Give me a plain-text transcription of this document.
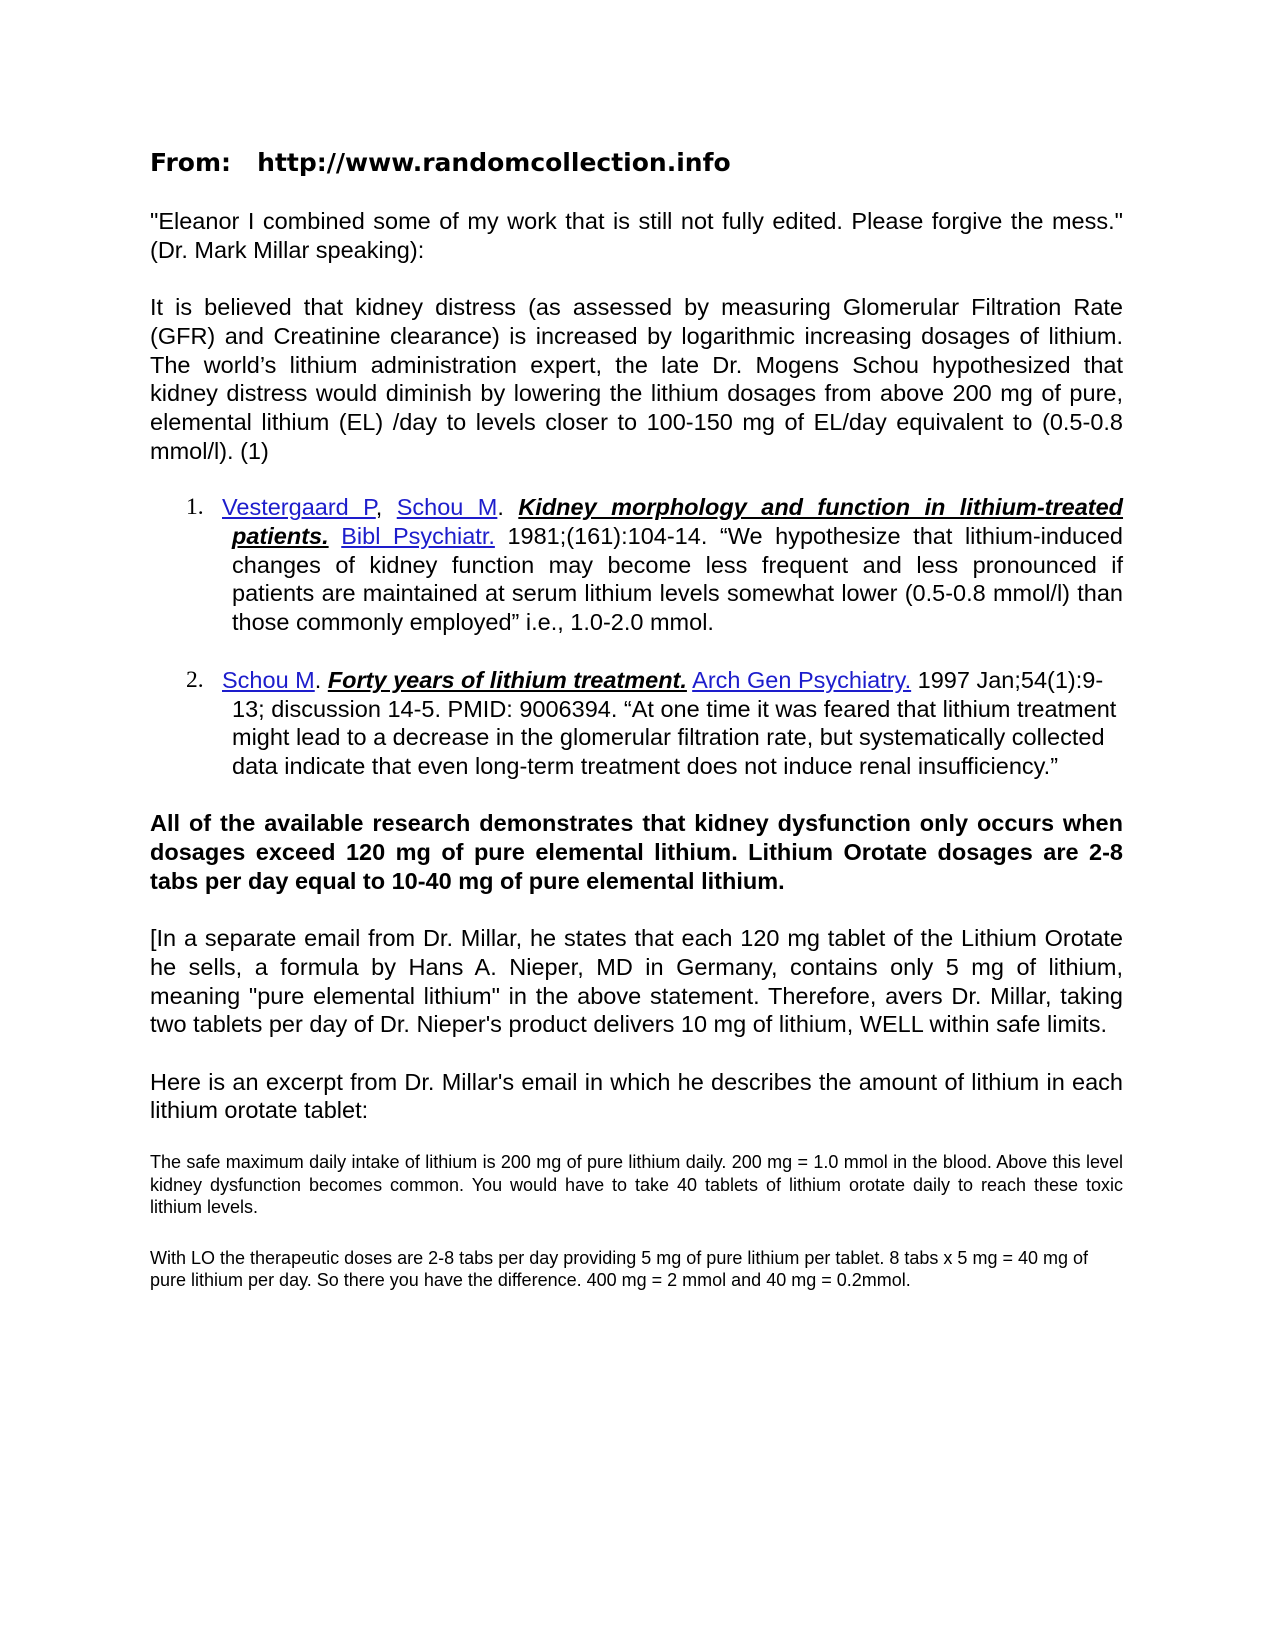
From: http://www.randomcollection.info

"Eleanor I combined some of my work that is still not fully edited. Please forgive the mess." (Dr. Mark Millar speaking):

It is believed that kidney distress (as assessed by measuring Glomerular Filtration Rate (GFR) and Creatinine clearance) is increased by logarithmic increasing dosages of lithium. The world’s lithium administration expert, the late Dr. Mogens Schou hypothesized that kidney distress would diminish by lowering the lithium dosages from above 200 mg of pure, elemental lithium (EL) /day to levels closer to 100-150 mg of EL/day equivalent to (0.5-0.8 mmol/l). (1)

1. Vestergaard P, Schou M. Kidney morphology and function in lithium-treated patients. Bibl Psychiatr. 1981;(161):104-14. “We hypothesize that lithium-induced changes of kidney function may become less frequent and less pronounced if patients are maintained at serum lithium levels somewhat lower (0.5-0.8 mmol/l) than those commonly employed” i.e., 1.0-2.0 mmol.
2. Schou M. Forty years of lithium treatment. Arch Gen Psychiatry. 1997 Jan;54(1):9-13; discussion 14-5. PMID: 9006394. “At one time it was feared that lithium treatment might lead to a decrease in the glomerular filtration rate, but systematically collected data indicate that even long-term treatment does not induce renal insufficiency.”

All of the available research demonstrates that kidney dysfunction only occurs when dosages exceed 120 mg of pure elemental lithium. Lithium Orotate dosages are 2-8 tabs per day equal to 10-40 mg of pure elemental lithium.

[In a separate email from Dr. Millar, he states that each 120 mg tablet of the Lithium Orotate he sells, a formula by Hans A. Nieper, MD in Germany, contains only 5 mg of lithium, meaning "pure elemental lithium" in the above statement. Therefore, avers Dr. Millar, taking two tablets per day of Dr. Nieper's product delivers 10 mg of lithium, WELL within safe limits.

Here is an excerpt from Dr. Millar's email in which he describes the amount of lithium in each lithium orotate tablet:

The safe maximum daily intake of lithium is 200 mg of pure lithium daily. 200 mg = 1.0 mmol in the blood. Above this level kidney dysfunction becomes common. You would have to take 40 tablets of lithium orotate daily to reach these toxic lithium levels.

With LO the therapeutic doses are 2-8 tabs per day providing 5 mg of pure lithium per tablet. 8 tabs x 5 mg = 40 mg of pure lithium per day. So there you have the difference. 400 mg = 2 mmol and 40 mg = 0.2mmol.
